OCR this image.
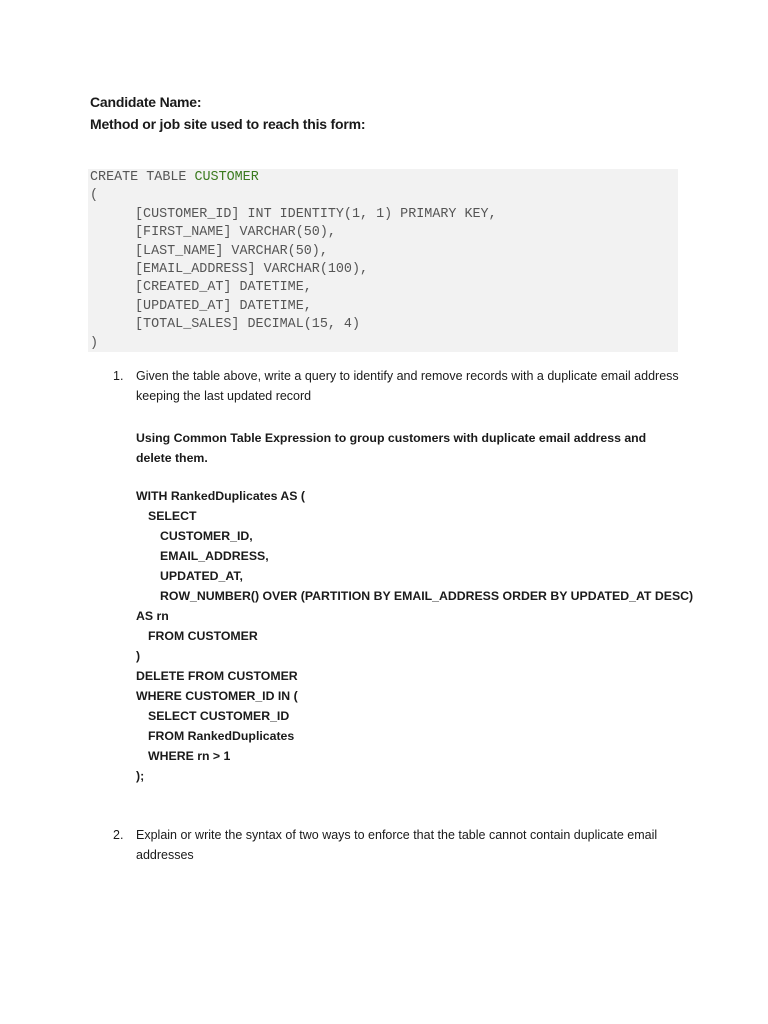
Candidate Name:
Method or job site used to reach this form:
CREATE TABLE CUSTOMER
(
[CUSTOMER_ID] INT IDENTITY(1, 1) PRIMARY KEY,
[FIRST_NAME] VARCHAR(50),
[LAST_NAME] VARCHAR(50),
[EMAIL_ADDRESS] VARCHAR(100),
[CREATED_AT] DATETIME,
[UPDATED_AT] DATETIME,
[TOTAL_SALES] DECIMAL(15, 4)
)
1. Given the table above, write a query to identify and remove records with a duplicate email address keeping the last updated record
Using Common Table Expression to group customers with duplicate email address and delete them.
WITH RankedDuplicates AS (
SELECT
CUSTOMER_ID,
EMAIL_ADDRESS,
UPDATED_AT,
ROW_NUMBER() OVER (PARTITION BY EMAIL_ADDRESS ORDER BY UPDATED_AT DESC)
AS rn
FROM CUSTOMER
)
DELETE FROM CUSTOMER
WHERE CUSTOMER_ID IN (
SELECT CUSTOMER_ID
FROM RankedDuplicates
WHERE rn > 1
);
2. Explain or write the syntax of two ways to enforce that the table cannot contain duplicate email addresses
